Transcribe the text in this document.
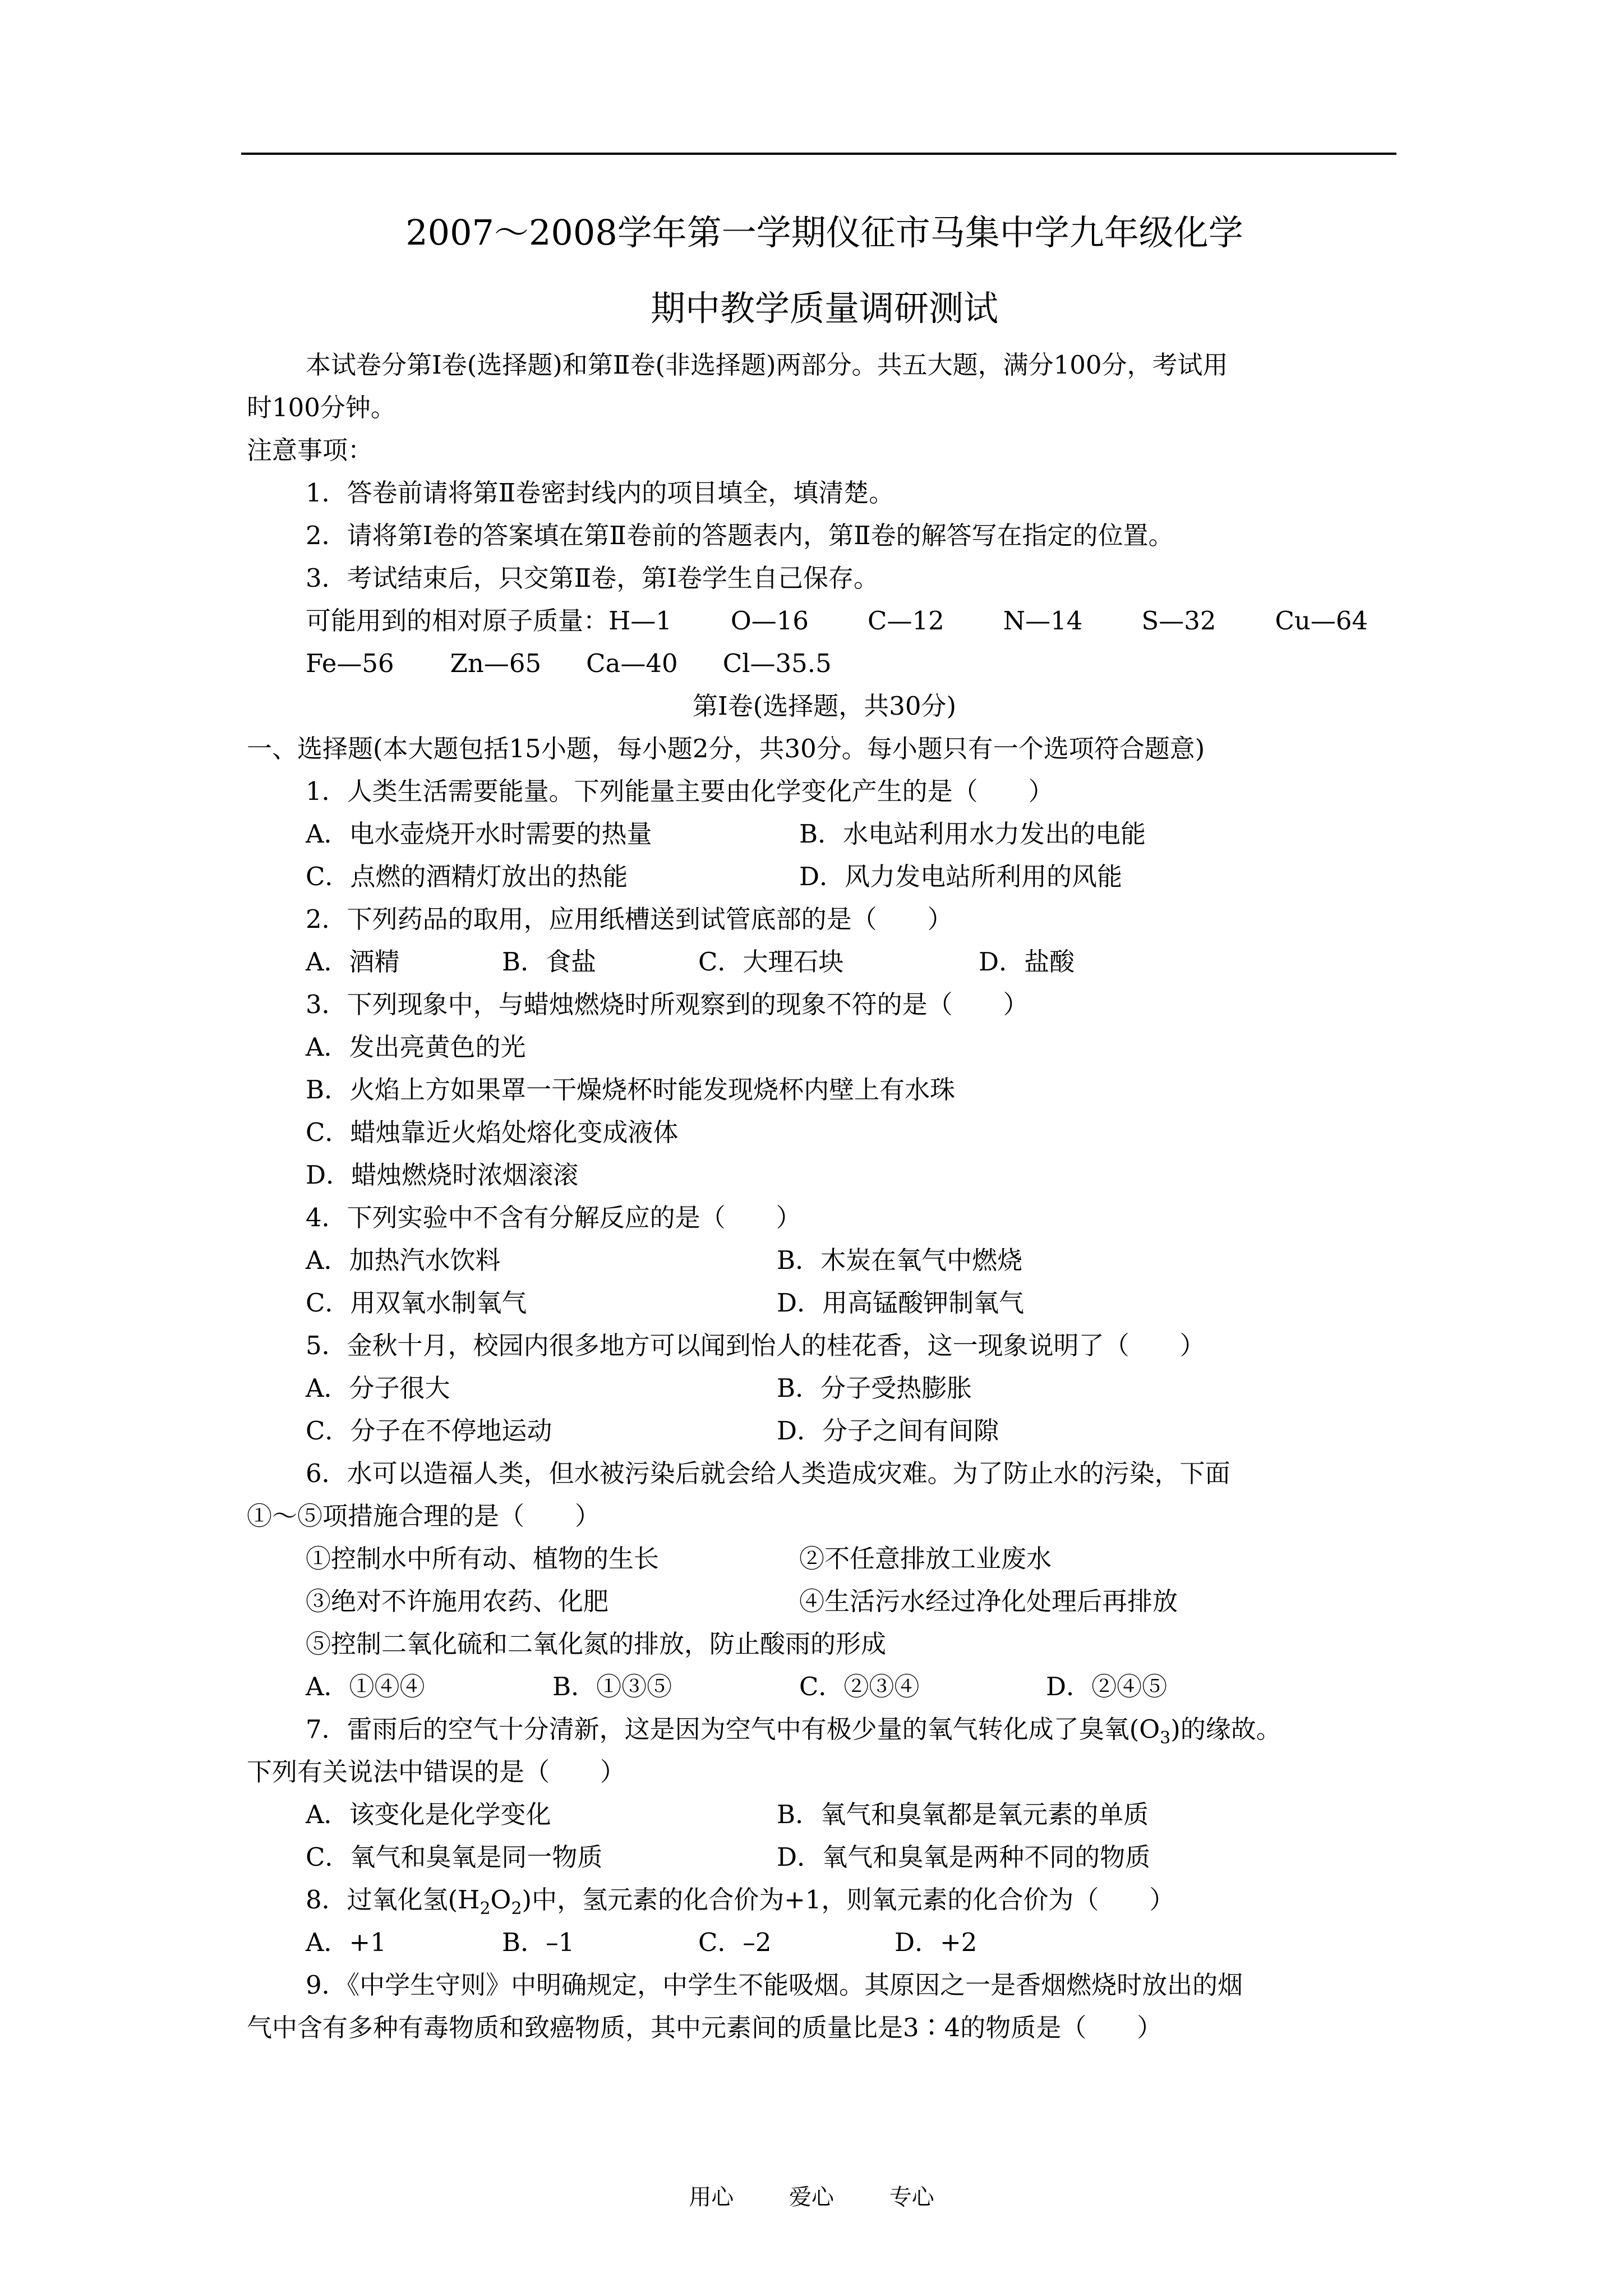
2007～2008学年第一学期仪征市马集中学九年级化学
期中教学质量调研测试

本试卷分第Ⅰ卷(选择题)和第Ⅱ卷(非选择题)两部分。共五大题，满分100分，考试用

时100分钟。

注意事项：

1．答卷前请将第Ⅱ卷密封线内的项目填全，填清楚。

2．请将第Ⅰ卷的答案填在第Ⅱ卷前的答题表内，第Ⅱ卷的解答写在指定的位置。

3．考试结束后，只交第Ⅱ卷，第Ⅰ卷学生自己保存。

可能用到的相对原子质量： H—1 O—16 C—12 N—14 S—32 Cu—64
Fe—56 Zn—65 Ca—40 Cl—35.5

第Ⅰ卷(选择题，共30分)

一、选择题(本大题包括15小题，每小题2分，共30分。每小题只有一个选项符合题意)

1．人类生活需要能量。下列能量主要由化学变化产生的是（　　）

A．电水壶烧开水时需要的热量	B．水电站利用水力发出的电能
C．点燃的酒精灯放出的热能	D．风力发电站所利用的风能

2．下列药品的取用，应用纸槽送到试管底部的是（　　）

A．酒精	B．食盐	C．大理石块	D．盐酸

3．下列现象中，与蜡烛燃烧时所观察到的现象不符的是（　　）

A．发出亮黄色的光

B．火焰上方如果罩一干燥烧杯时能发现烧杯内壁上有水珠

C．蜡烛靠近火焰处熔化变成液体

D．蜡烛燃烧时浓烟滚滚

4．下列实验中不含有分解反应的是（　　）

A．加热汽水饮料	B．木炭在氧气中燃烧
C．用双氧水制氧气	D．用高锰酸钾制氧气

5．金秋十月，校园内很多地方可以闻到怡人的桂花香，这一现象说明了（　　）

A．分子很大	B．分子受热膨胀
C．分子在不停地运动	D．分子之间有间隙

6．水可以造福人类，但水被污染后就会给人类造成灾难。为了防止水的污染，下面

①～⑤项措施合理的是（　　）

①控制水中所有动、植物的生长	②不任意排放工业废水
③绝对不许施用农药、化肥	④生活污水经过净化处理后再排放

⑤控制二氧化硫和二氧化氮的排放，防止酸雨的形成

A．①④④	B．①③⑤	C．②③④	D．②④⑤

7．雷雨后的空气十分清新，这是因为空气中有极少量的氧气转化成了臭氧$(O_3)$的缘故。

下列有关说法中错误的是（　　）

A．该变化是化学变化	B．氧气和臭氧都是氧元素的单质
C．氧气和臭氧是同一物质	D．氧气和臭氧是两种不同的物质

8．过氧化氢$(H_2O_2)$中，氢元素的化合价为+1，则氧元素的化合价为（　　）

A．+1	B．–1	C．–2	D．+2

9．《中学生守则》中明确规定，中学生不能吸烟。其原因之一是香烟燃烧时放出的烟

气中含有多种有毒物质和致癌物质，其中元素间的质量比是3∶4的物质是（　　）

用心 爱心 专心
